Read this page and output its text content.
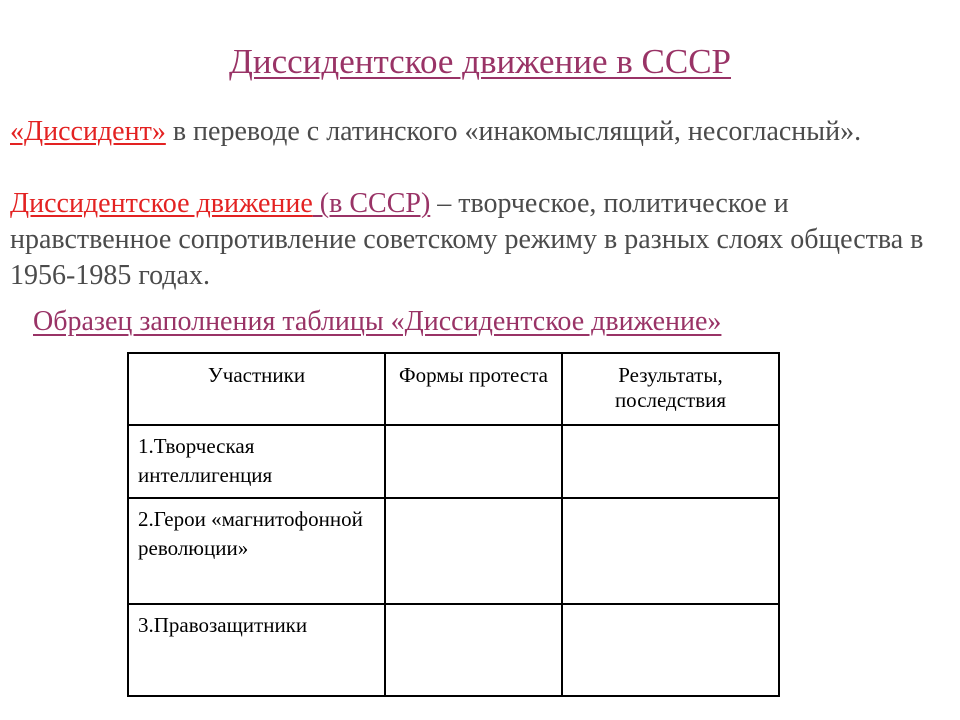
Диссидентское движение в СССР
«Диссидент» в переводе с латинского «инакомыслящий, несогласный».
Диссидентское движение (в СССР) – творческое, политическое и нравственное сопротивление советскому режиму в разных слоях общества в 1956-1985 годах.
Образец заполнения таблицы «Диссидентское движение»
Участники	Формы протеста	Результаты, последствия
1.Творческая интеллигенция		
2.Герои «магнитофонной революции»		
3.Правозащитники		
